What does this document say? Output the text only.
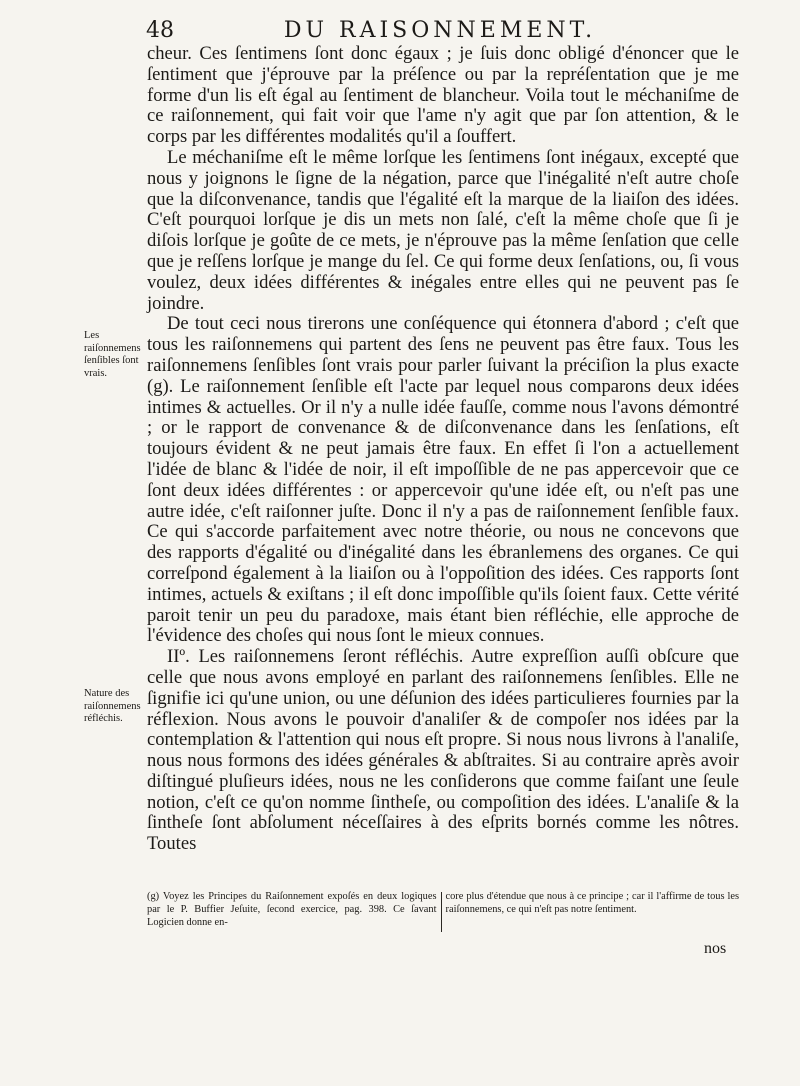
48	DU RAISONNEMENT.

cheur. Ces ſentimens ſont donc égaux ; je ſuis donc obligé d'énoncer que le ſentiment que j'éprouve par la préſence ou par la repréſentation que je me forme d'un lis eſt égal au ſentiment de blancheur. Voila tout le méchaniſme de ce raiſonnement, qui fait voir que l'ame n'y agit que par ſon attention, & le corps par les différentes modalités qu'il a ſouffert.

Le méchaniſme eſt le même lorſque les ſentimens ſont inégaux, excepté que nous y joignons le ſigne de la négation, parce que l'inégalité n'eſt autre choſe que la diſconvenance, tandis que l'égalité eſt la marque de la liaiſon des idées. C'eſt pourquoi lorſque je dis un mets non ſalé, c'eſt la même choſe que ſi je diſois lorſque je goûte de ce mets, je n'éprouve pas la même ſenſation que celle que je reſſens lorſque je mange du ſel. Ce qui forme deux ſenſations, ou, ſi vous voulez, deux idées différentes & inégales entre elles qui ne peuvent pas ſe joindre.

De tout ceci nous tirerons une conſéquence qui étonnera d'abord ; c'eſt que tous les raiſonnemens qui partent des ſens ne peuvent pas être faux. Tous les raiſonnemens ſenſibles ſont vrais pour parler ſuivant la préciſion la plus exacte (g). Le raiſonnement ſenſible eſt l'acte par lequel nous comparons deux idées intimes & actuelles. Or il n'y a nulle idée fauſſe, comme nous l'avons démontré ; or le rapport de convenance & de diſconvenance dans les ſenſations, eſt toujours évident & ne peut jamais être faux. En effet ſi l'on a actuellement l'idée de blanc & l'idée de noir, il eſt impoſſible de ne pas appercevoir que ce ſont deux idées différentes : or appercevoir qu'une idée eſt, ou n'eſt pas une autre idée, c'eſt raiſonner juſte. Donc il n'y a pas de raiſonnement ſenſible faux. Ce qui s'accorde parfaitement avec notre théorie, ou nous ne concevons que des rapports d'égalité ou d'inégalité dans les ébranlemens des organes. Ce qui correſpond également à la liaiſon ou à l'oppoſition des idées. Ces rapports ſont intimes, actuels & exiſtans ; il eſt donc impoſſible qu'ils ſoient faux. Cette vérité paroit tenir un peu du paradoxe, mais étant bien réfléchie, elle approche de l'évidence des choſes qui nous ſont le mieux connues.

IIº. Les raiſonnemens ſeront réfléchis. Autre expreſſion auſſi obſcure que celle que nous avons employé en parlant des raiſonnemens ſenſibles. Elle ne ſignifie ici qu'une union, ou une déſunion des idées particulieres fournies par la réflexion. Nous avons le pouvoir d'analiſer & de compoſer nos idées par la contemplation & l'attention qui nous eſt propre. Si nous nous livrons à l'analiſe, nous nous formons des idées générales & abſtraites. Si au contraire après avoir diſtingué pluſieurs idées, nous ne les conſiderons que comme faiſant une ſeule notion, c'eſt ce qu'on nomme ſintheſe, ou compoſition des idées. L'analiſe & la ſintheſe ſont abſolument néceſſaires à des eſprits bornés comme les nôtres. Toutes

Les raiſonnemens ſenſibles ſont vrais.
Nature des raiſonnemens réfléchis.
(g) Voyez les Principes du Raiſonnement expoſés en deux logiques par le P. Buffier Jeſuite, ſecond exercice, pag. 398. Ce ſavant Logicien donne en-
core plus d'étendue que nous à ce principe ; car il l'affirme de tous les raiſonnemens, ce qui n'eſt pas notre ſentiment.
nos
